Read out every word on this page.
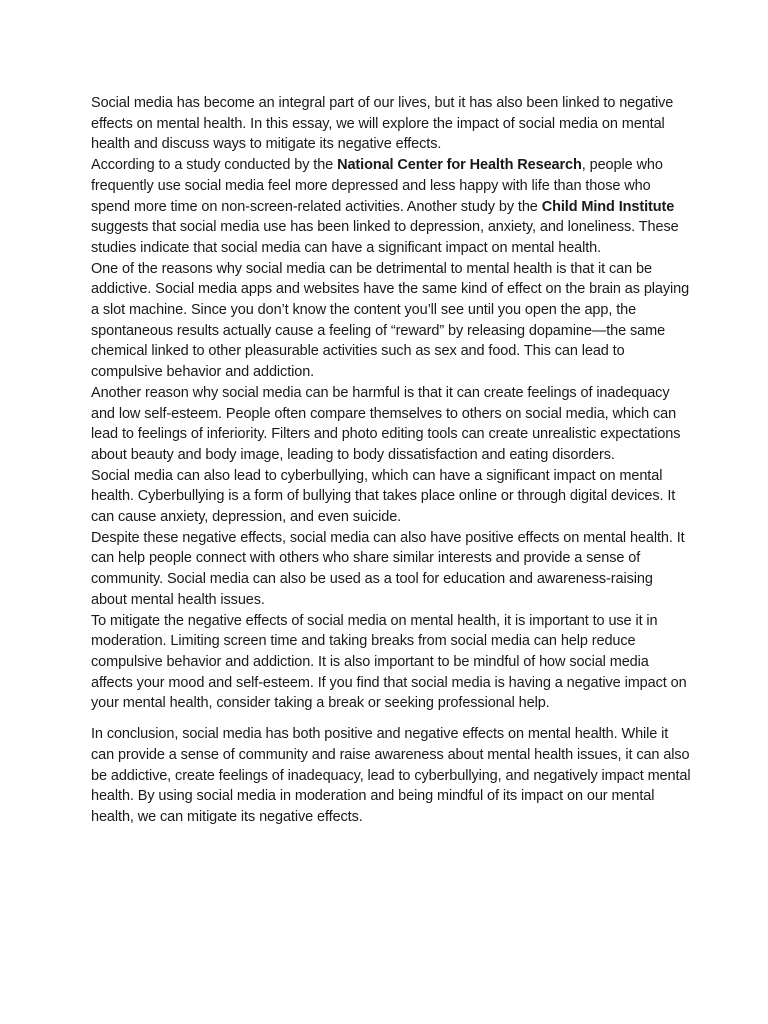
Social media has become an integral part of our lives, but it has also been linked to negative effects on mental health. In this essay, we will explore the impact of social media on mental health and discuss ways to mitigate its negative effects.

According to a study conducted by the National Center for Health Research, people who frequently use social media feel more depressed and less happy with life than those who spend more time on non-screen-related activities. Another study by the Child Mind Institute suggests that social media use has been linked to depression, anxiety, and loneliness. These studies indicate that social media can have a significant impact on mental health.

One of the reasons why social media can be detrimental to mental health is that it can be addictive. Social media apps and websites have the same kind of effect on the brain as playing a slot machine. Since you don’t know the content you’ll see until you open the app, the spontaneous results actually cause a feeling of “reward” by releasing dopamine—the same chemical linked to other pleasurable activities such as sex and food. This can lead to compulsive behavior and addiction.

Another reason why social media can be harmful is that it can create feelings of inadequacy and low self-esteem. People often compare themselves to others on social media, which can lead to feelings of inferiority. Filters and photo editing tools can create unrealistic expectations about beauty and body image, leading to body dissatisfaction and eating disorders.

Social media can also lead to cyberbullying, which can have a significant impact on mental health. Cyberbullying is a form of bullying that takes place online or through digital devices. It can cause anxiety, depression, and even suicide.

Despite these negative effects, social media can also have positive effects on mental health. It can help people connect with others who share similar interests and provide a sense of community. Social media can also be used as a tool for education and awareness-raising about mental health issues.

To mitigate the negative effects of social media on mental health, it is important to use it in moderation. Limiting screen time and taking breaks from social media can help reduce compulsive behavior and addiction. It is also important to be mindful of how social media affects your mood and self-esteem. If you find that social media is having a negative impact on your mental health, consider taking a break or seeking professional help.

In conclusion, social media has both positive and negative effects on mental health. While it can provide a sense of community and raise awareness about mental health issues, it can also be addictive, create feelings of inadequacy, lead to cyberbullying, and negatively impact mental health. By using social media in moderation and being mindful of its impact on our mental health, we can mitigate its negative effects.
